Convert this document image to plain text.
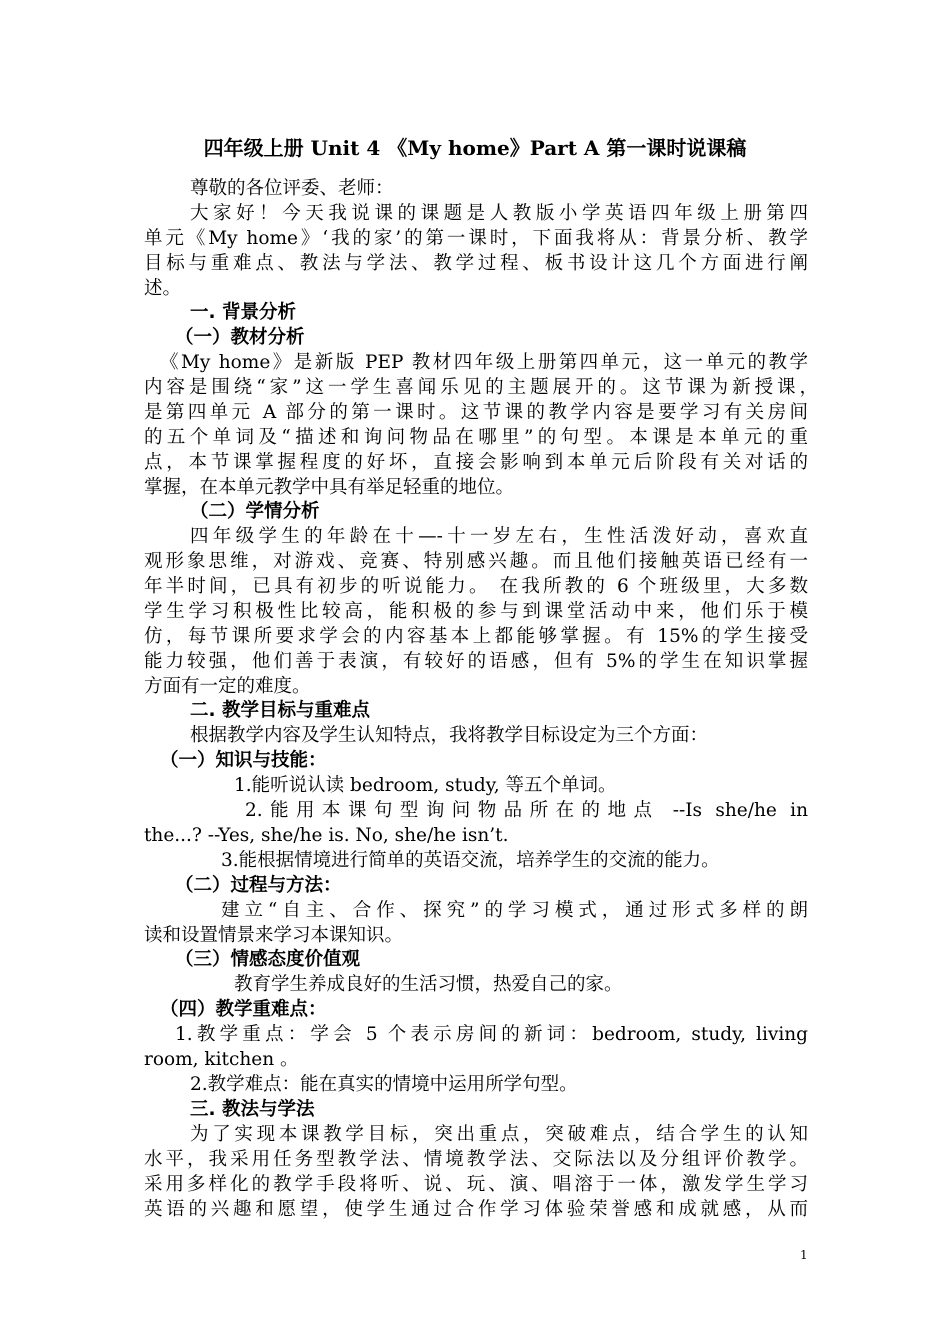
四年级上册 Unit 4 《My home》Part A 第一课时说课稿
尊敬的各位评委、老师：
大家好！今天我说课的课题是人教版小学英语四年级上册第四
单元《My home》‘我的家’的第一课时，下面我将从：背景分析、教学
目标与重难点、教法与学法、教学过程、板书设计这几个方面进行阐
述。
一. 背景分析
（一）教材分析
《My home》是新版 PEP 教材四年级上册第四单元，这一单元的教学
内容是围绕“家”这一学生喜闻乐见的主题展开的。这节课为新授课，
是第四单元 A 部分的第一课时。这节课的教学内容是要学习有关房间
的五个单词及“描述和询问物品在哪里”的句型。本课是本单元的重
点，本节课掌握程度的好坏，直接会影响到本单元后阶段有关对话的
掌握，在本单元教学中具有举足轻重的地位。
（二）学情分析
四年级学生的年龄在十—-十一岁左右，生性活泼好动，喜欢直
观形象思维，对游戏、竞赛、特别感兴趣。而且他们接触英语已经有一
年半时间，已具有初步的听说能力。 在我所教的 6 个班级里，大多数
学生学习积极性比较高，能积极的参与到课堂活动中来，他们乐于模
仿，每节课所要求学会的内容基本上都能够掌握。有 15%的学生接受
能力较强，他们善于表演，有较好的语感，但有 5%的学生在知识掌握
方面有一定的难度。
二. 教学目标与重难点
根据教学内容及学生认知特点，我将教学目标设定为三个方面：
（一）知识与技能：
1.能听说认读 bedroom, study, 等五个单词。
2.能用本课句型询问物品所在的地点 --Is she/he in
the...? --Yes, she/he is. No, she/he isn’t.
3.能根据情境进行简单的英语交流，培养学生的交流的能力。
（二）过程与方法：
建立“自主、合作、探究”的学习模式，通过形式多样的朗
读和设置情景来学习本课知识。
（三）情感态度价值观
教育学生养成良好的生活习惯，热爱自己的家。
（四）教学重难点：
1.教学重点：学会 5 个表示房间的新词：bedroom, study, living
room, kitchen 。
2.教学难点：能在真实的情境中运用所学句型。
三. 教法与学法
为了实现本课教学目标，突出重点，突破难点，结合学生的认知
水平，我采用任务型教学法、情境教学法、交际法以及分组评价教学。
采用多样化的教学手段将听、说、玩、演、唱溶于一体，激发学生学习
英语的兴趣和愿望，使学生通过合作学习体验荣誉感和成就感，从而
1
